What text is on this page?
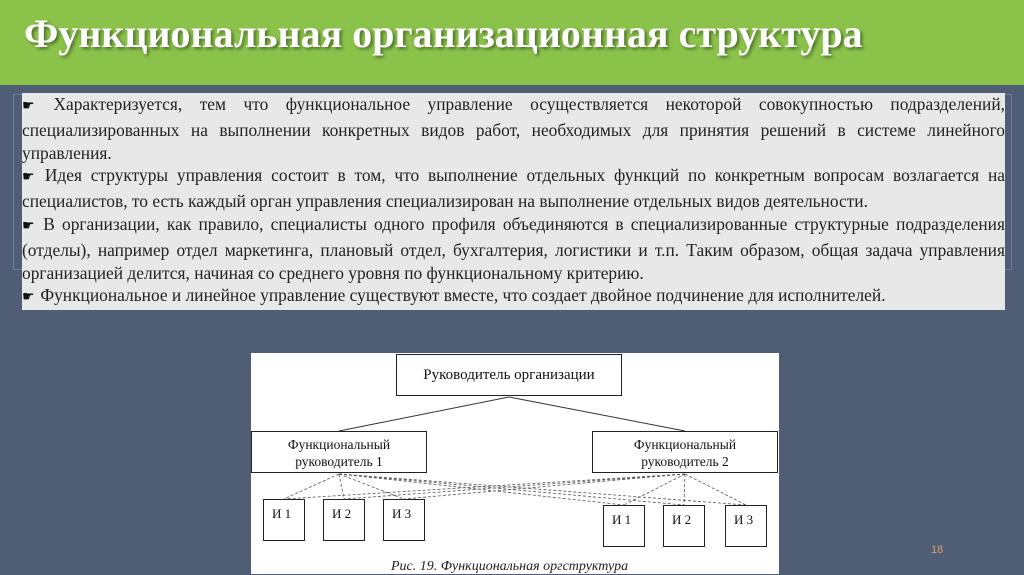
Функциональная организационная структура

☛ Характеризуется, тем что функциональное управление осуществляется некоторой совокупностью подразделений, специализированных на выполнении конкретных видов работ, необходимых для принятия решений в системе линейного управления.

☛ Идея структуры управления состоит в том, что выполнение отдельных функций по конкретным вопросам возлагается на специалистов, то есть каждый орган управления специализирован на выполнение отдельных видов деятельности.

☛ В организации, как правило, специалисты одного профиля объединяются в специализированные структурные подразделения (отделы), например отдел маркетинга, плановый отдел, бухгалтерия, логистики и т.п. Таким образом, общая задача управления организацией делится, начиная со среднего уровня по функциональному критерию.

☛ Функциональное и линейное управление существуют вместе, что создает двойное подчинение для исполнителей.

Руководитель организации
Функциональный
руководитель 1
Функциональный
руководитель 2
И 1	И 2	И 3	И 1	И 2	И 3
Рис. 19. Функциональная оргструктура
18
